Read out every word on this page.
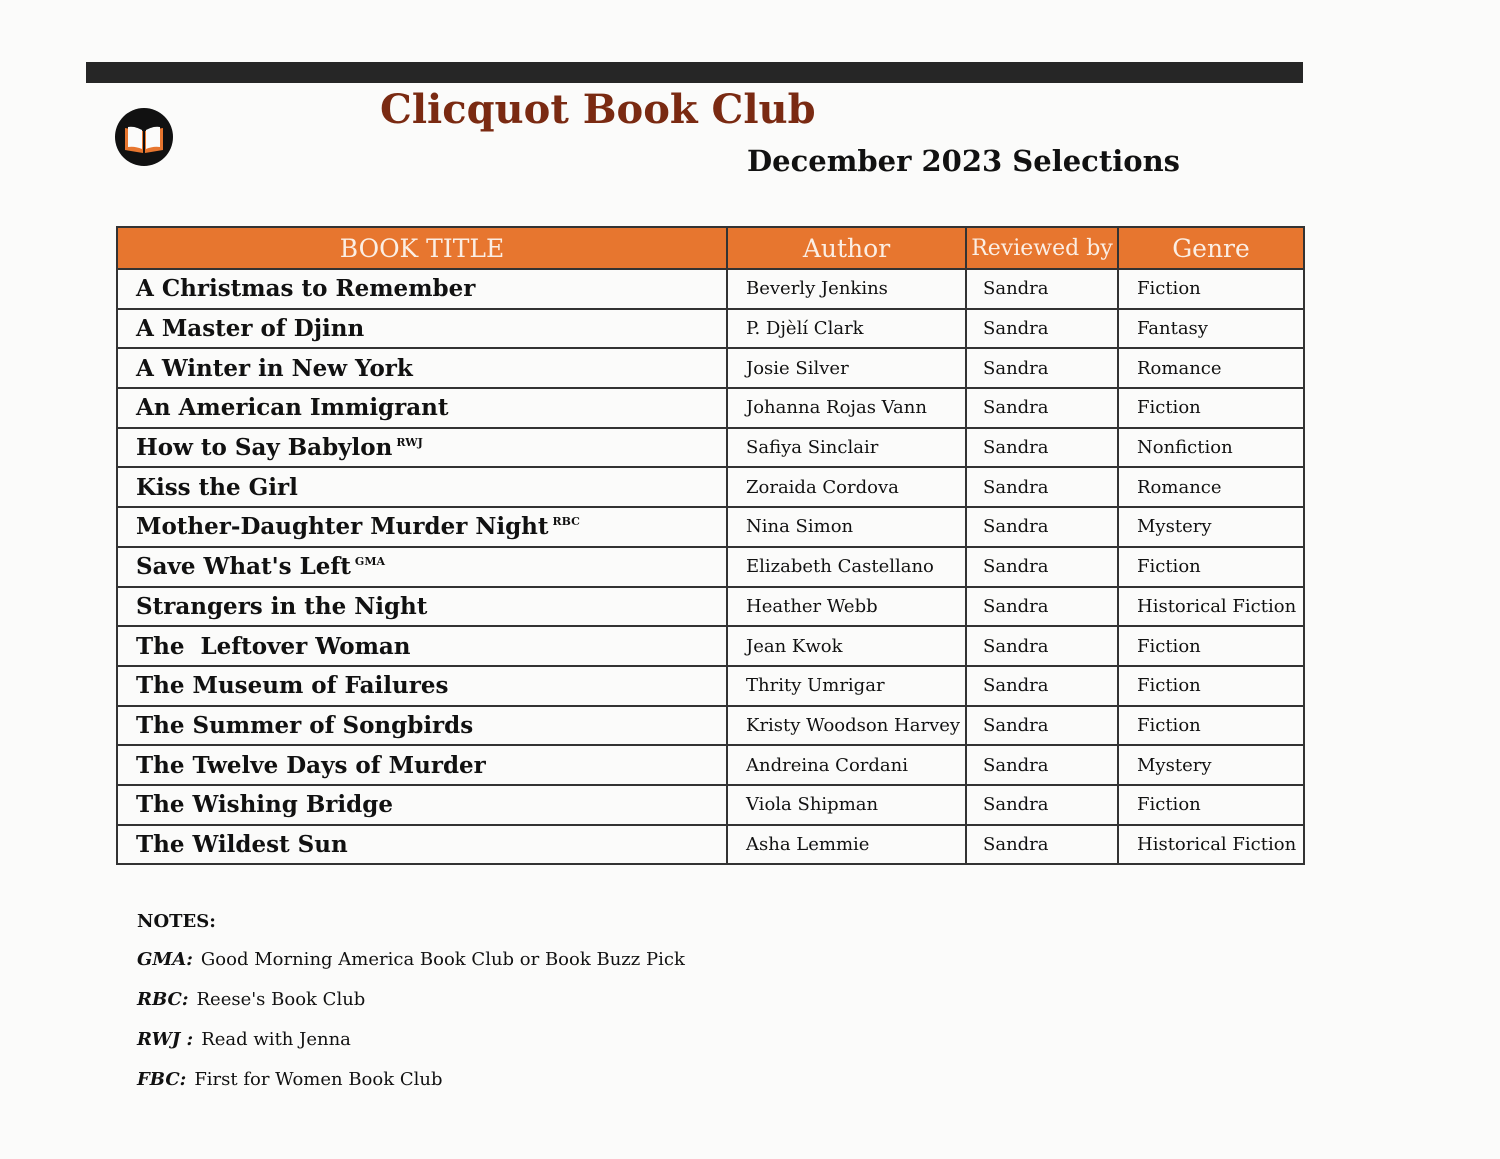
Clicquot Book Club
December 2023 Selections
BOOK TITLE	Author	Reviewed by	Genre
A Christmas to Remember	Beverly Jenkins	Sandra	Fiction
A Master of Djinn	P. Djèlí Clark	Sandra	Fantasy
A Winter in New York	Josie Silver	Sandra	Romance
An American Immigrant	Johanna Rojas Vann	Sandra	Fiction
How to Say Babylon $^{RWJ}$	Safiya Sinclair	Sandra	Nonfiction
Kiss the Girl	Zoraida Cordova	Sandra	Romance
Mother-Daughter Murder Night $^{RBC}$	Nina Simon	Sandra	Mystery
Save What's Left $^{GMA}$	Elizabeth Castellano	Sandra	Fiction
Strangers in the Night	Heather Webb	Sandra	Historical Fiction
The  Leftover Woman	Jean Kwok	Sandra	Fiction
The Museum of Failures	Thrity Umrigar	Sandra	Fiction
The Summer of Songbirds	Kristy Woodson Harvey	Sandra	Fiction
The Twelve Days of Murder	Andreina Cordani	Sandra	Mystery
The Wishing Bridge	Viola Shipman	Sandra	Fiction
The Wildest Sun	Asha Lemmie	Sandra	Historical Fiction
NOTES:
GMA: Good Morning America Book Club or Book Buzz Pick
RBC: Reese's Book Club
RWJ : Read with Jenna
FBC: First for Women Book Club
